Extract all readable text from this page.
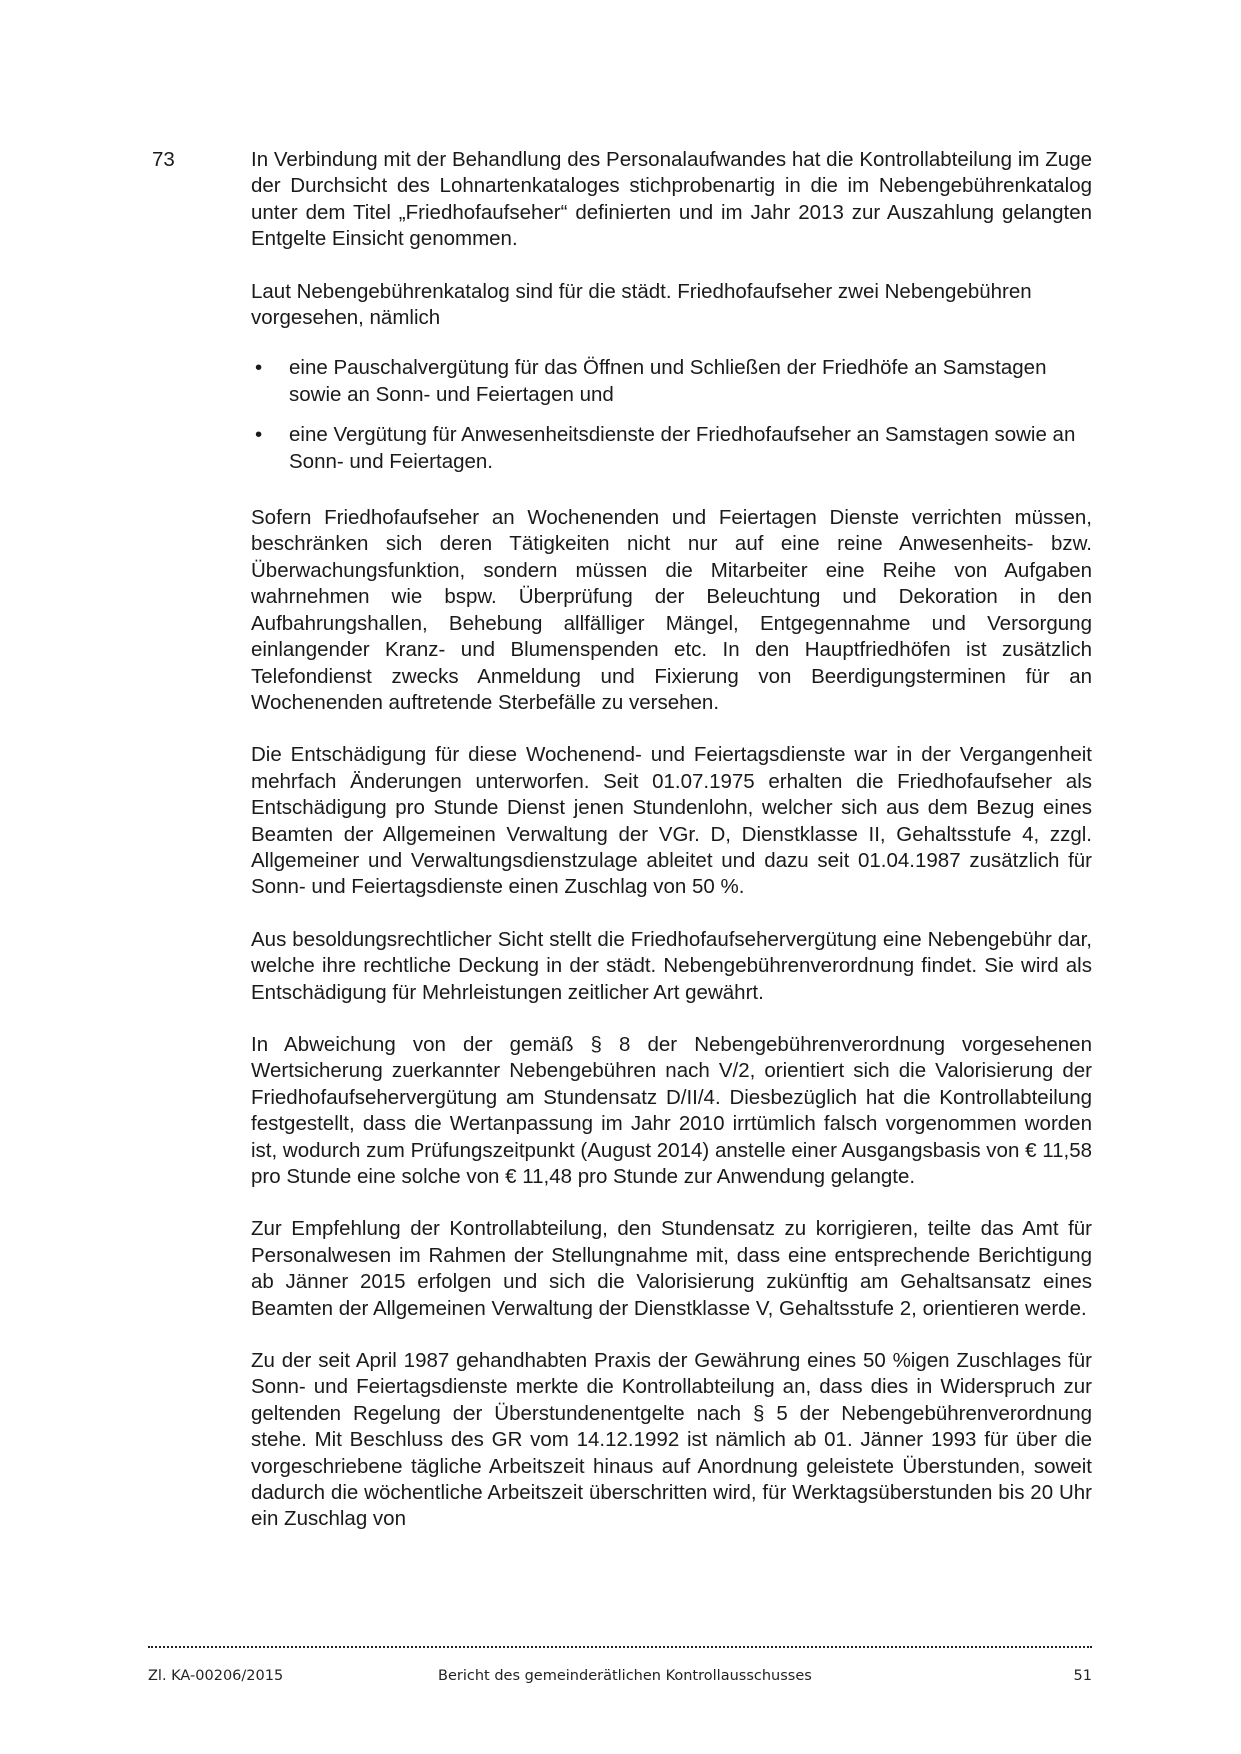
73	In Verbindung mit der Behandlung des Personalaufwandes hat die Kontrollabteilung im Zuge der Durchsicht des Lohnartenkataloges stichprobenartig in die im Nebengebührenkatalog unter dem Titel „Friedhofaufseher“ definierten und im Jahr 2013 zur Auszahlung gelangten Entgelte Einsicht genommen.

Laut Nebengebührenkatalog sind für die städt. Friedhofaufseher zwei Nebengebühren vorgesehen, nämlich

• eine Pauschalvergütung für das Öffnen und Schließen der Friedhöfe an Samstagen sowie an Sonn- und Feiertagen und
• eine Vergütung für Anwesenheitsdienste der Friedhofaufseher an Samstagen sowie an Sonn- und Feiertagen.

Sofern Friedhofaufseher an Wochenenden und Feiertagen Dienste verrichten müssen, beschränken sich deren Tätigkeiten nicht nur auf eine reine Anwesenheits- bzw. Überwachungsfunktion, sondern müssen die Mitarbeiter eine Reihe von Aufgaben wahrnehmen wie bspw. Überprüfung der Beleuchtung und Dekoration in den Aufbahrungshallen, Behebung allfälliger Mängel, Entgegennahme und Versorgung einlangender Kranz- und Blumenspenden etc. In den Hauptfriedhöfen ist zusätzlich Telefondienst zwecks Anmeldung und Fixierung von Beerdigungsterminen für an Wochenenden auftretende Sterbefälle zu versehen.

Die Entschädigung für diese Wochenend- und Feiertagsdienste war in der Vergangenheit mehrfach Änderungen unterworfen. Seit 01.07.1975 erhalten die Friedhofaufseher als Entschädigung pro Stunde Dienst jenen Stundenlohn, welcher sich aus dem Bezug eines Beamten der Allgemeinen Verwaltung der VGr. D, Dienstklasse II, Gehaltsstufe 4, zzgl. Allgemeiner und Verwaltungsdienstzulage ableitet und dazu seit 01.04.1987 zusätzlich für Sonn- und Feiertagsdienste einen Zuschlag von 50 %.

Aus besoldungsrechtlicher Sicht stellt die Friedhofaufsehervergütung eine Nebengebühr dar, welche ihre rechtliche Deckung in der städt. Nebengebührenverordnung findet. Sie wird als Entschädigung für Mehrleistungen zeitlicher Art gewährt.

In Abweichung von der gemäß § 8 der Nebengebührenverordnung vorgesehenen Wertsicherung zuerkannter Nebengebühren nach V/2, orientiert sich die Valorisierung der Friedhofaufsehervergütung am Stundensatz D/II/4. Diesbezüglich hat die Kontrollabteilung festgestellt, dass die Wertanpassung im Jahr 2010 irrtümlich falsch vorgenommen worden ist, wodurch zum Prüfungszeitpunkt (August 2014) anstelle einer Ausgangsbasis von € 11,58 pro Stunde eine solche von € 11,48 pro Stunde zur Anwendung gelangte.

Zur Empfehlung der Kontrollabteilung, den Stundensatz zu korrigieren, teilte das Amt für Personalwesen im Rahmen der Stellungnahme mit, dass eine entsprechende Berichtigung ab Jänner 2015 erfolgen und sich die Valorisierung zukünftig am Gehaltsansatz eines Beamten der Allgemeinen Verwaltung der Dienstklasse V, Gehaltsstufe 2, orientieren werde.

Zu der seit April 1987 gehandhabten Praxis der Gewährung eines 50 %igen Zuschlages für Sonn- und Feiertagsdienste merkte die Kontrollabteilung an, dass dies in Widerspruch zur geltenden Regelung der Überstundenentgelte nach § 5 der Nebengebührenverordnung stehe. Mit Beschluss des GR vom 14.12.1992 ist nämlich ab 01. Jänner 1993 für über die vorgeschriebene tägliche Arbeitszeit hinaus auf Anordnung geleistete Überstunden, soweit dadurch die wöchentliche Arbeitszeit überschritten wird, für Werktagsüberstunden bis 20 Uhr ein Zuschlag von

Zl. KA-00206/2015	Bericht des gemeinderätlichen Kontrollausschusses	51
